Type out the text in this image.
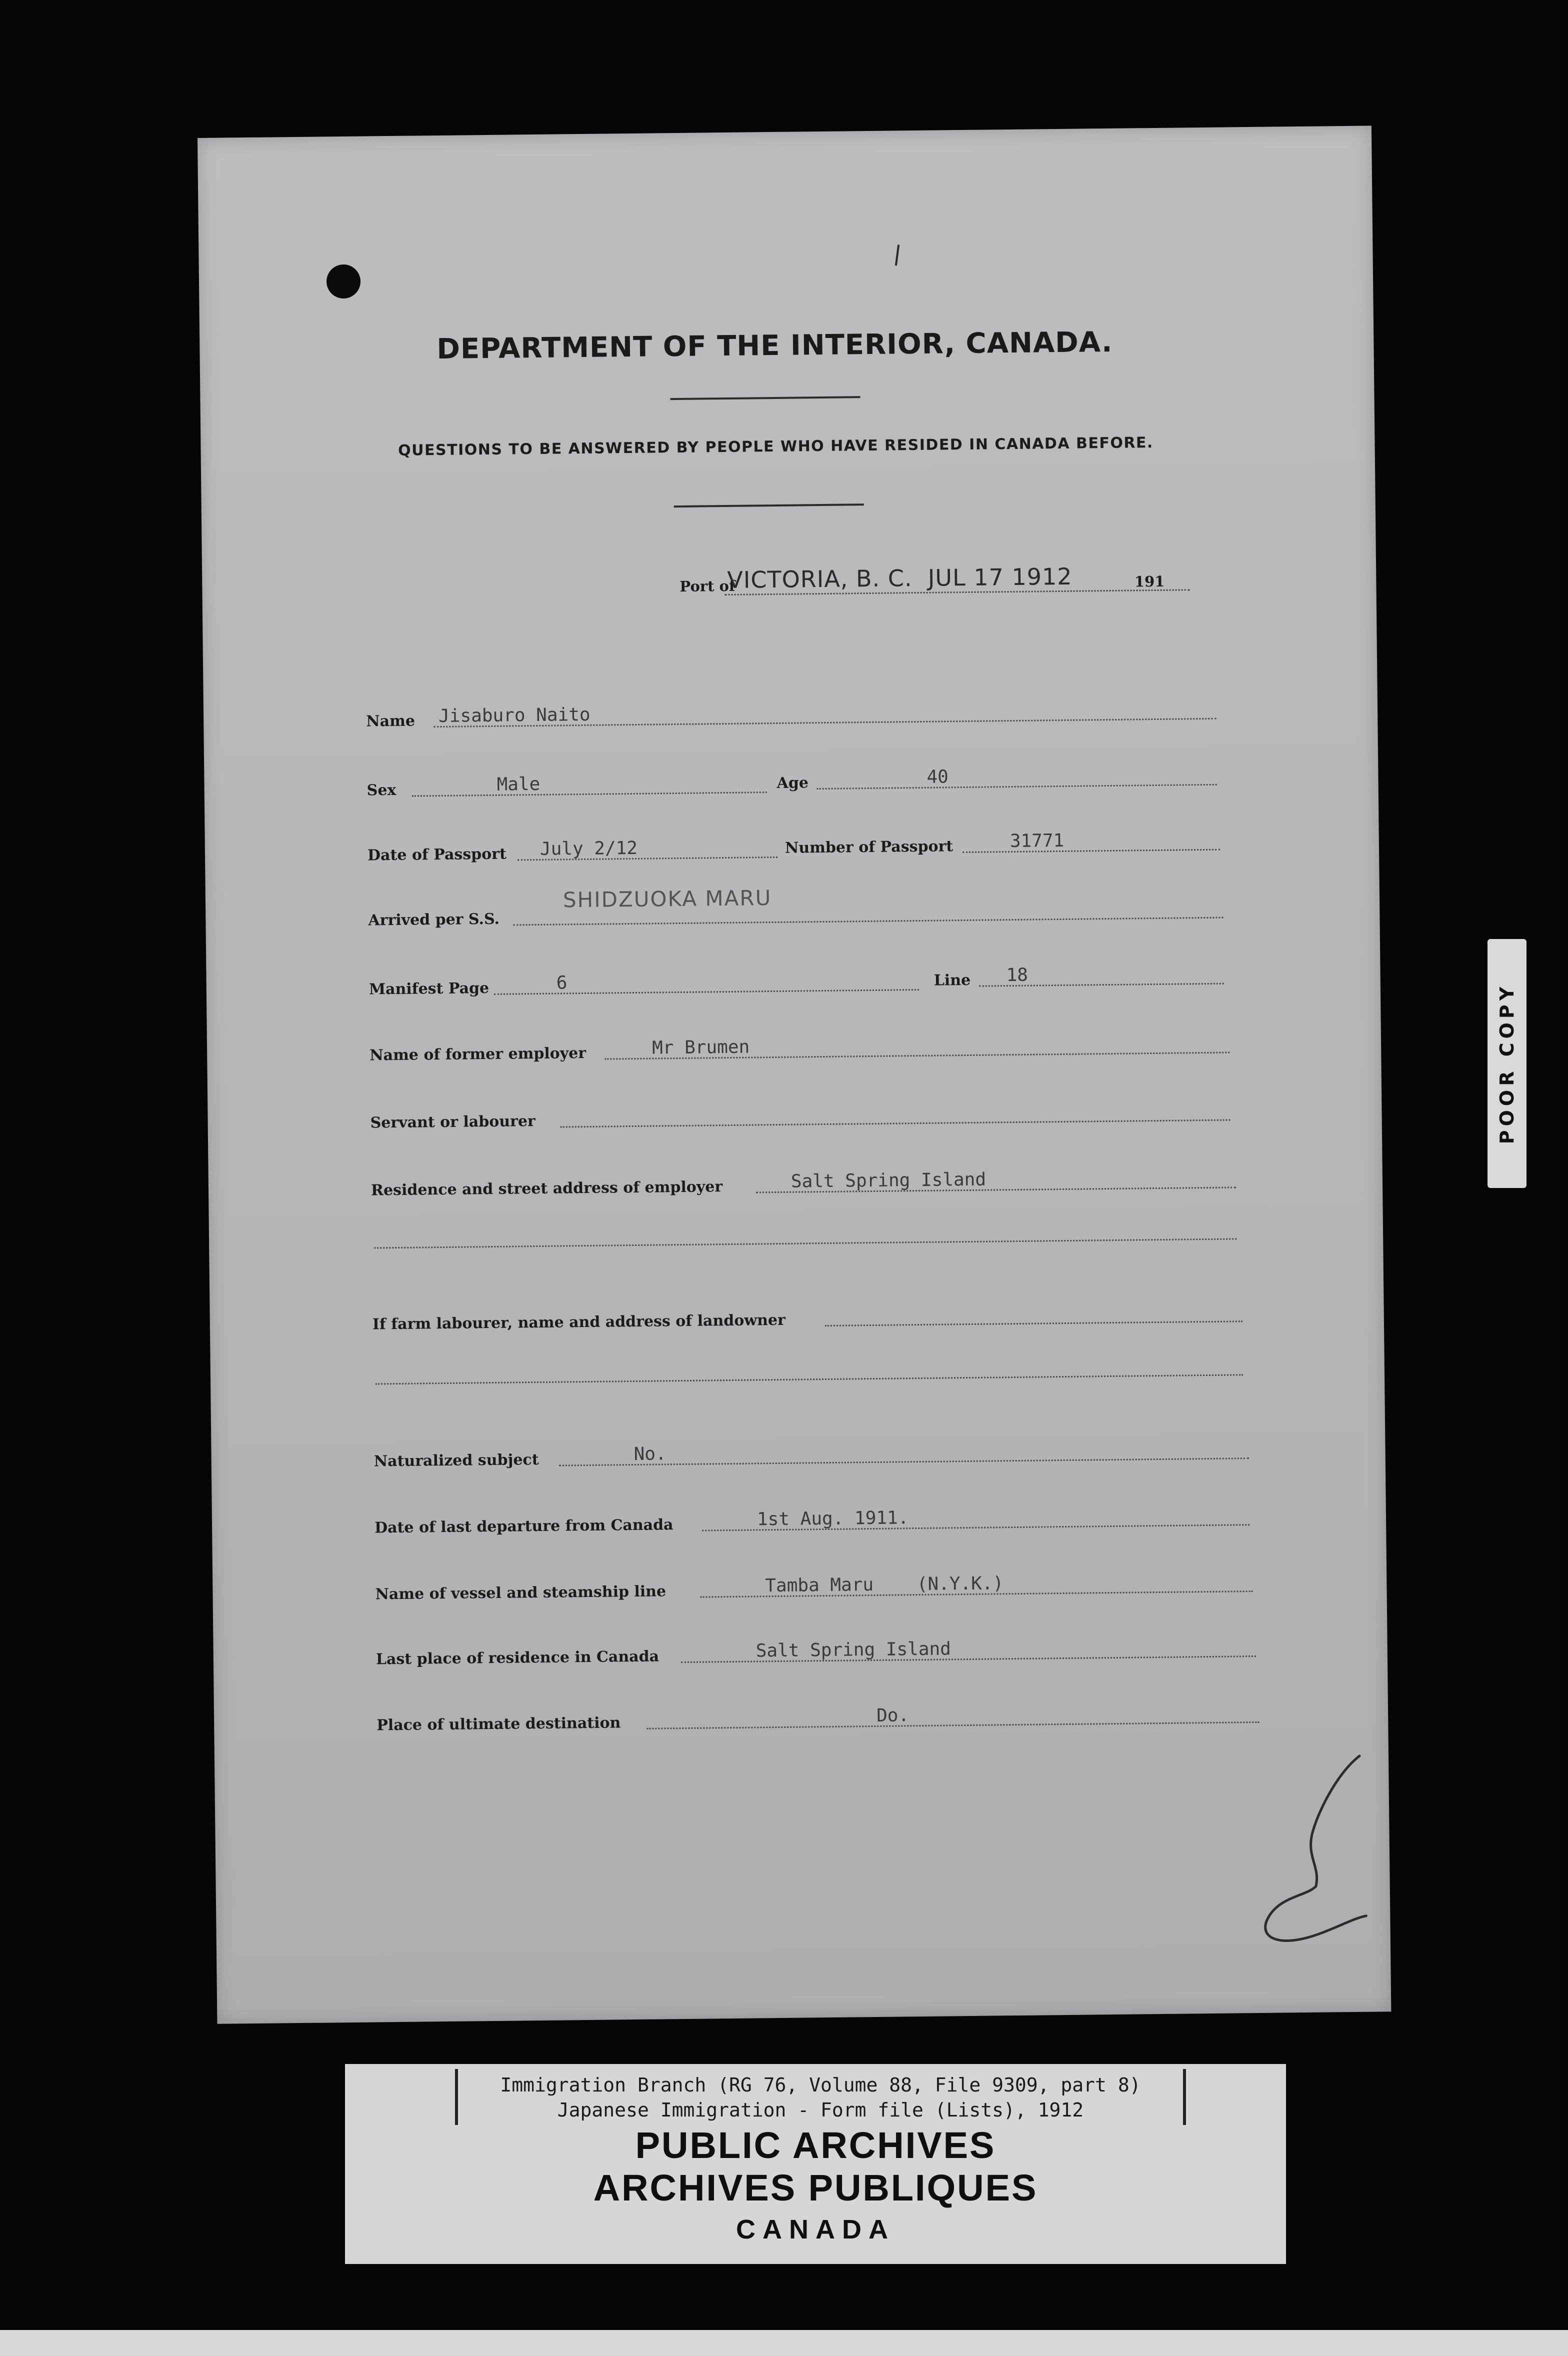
DEPARTMENT OF THE INTERIOR, CANADA.
QUESTIONS TO BE ANSWERED BY PEOPLE WHO HAVE RESIDED IN CANADA BEFORE.
Port of
VICTORIA, B. C. JUL 17 1912	191
Name Jisaburo Naito
Sex	Male	Age	40
Date of Passport July 2/12	Number of Passport	31771
Arrived per S.S.
SHIDZUOKA MARU
Manifest Page	6	Line 18
Name of former employer	Mr Brumen
Servant or labourer
Residence and street address of employer	Salt Spring Island
If farm labourer, name and address of landowner
Naturalized subject	No.
Date of last departure from Canada	1st Aug. 1911.
Name of vessel and steamship line	Tamba Maru    (N.Y.K.)
Last place of residence in Canada	Salt Spring Island
Place of ultimate destination	Do.
POOR COPY
Immigration Branch (RG 76, Volume 88, File 9309, part 8)
Japanese Immigration - Form file (Lists), 1912
PUBLIC ARCHIVES
ARCHIVES PUBLIQUES
CANADA
